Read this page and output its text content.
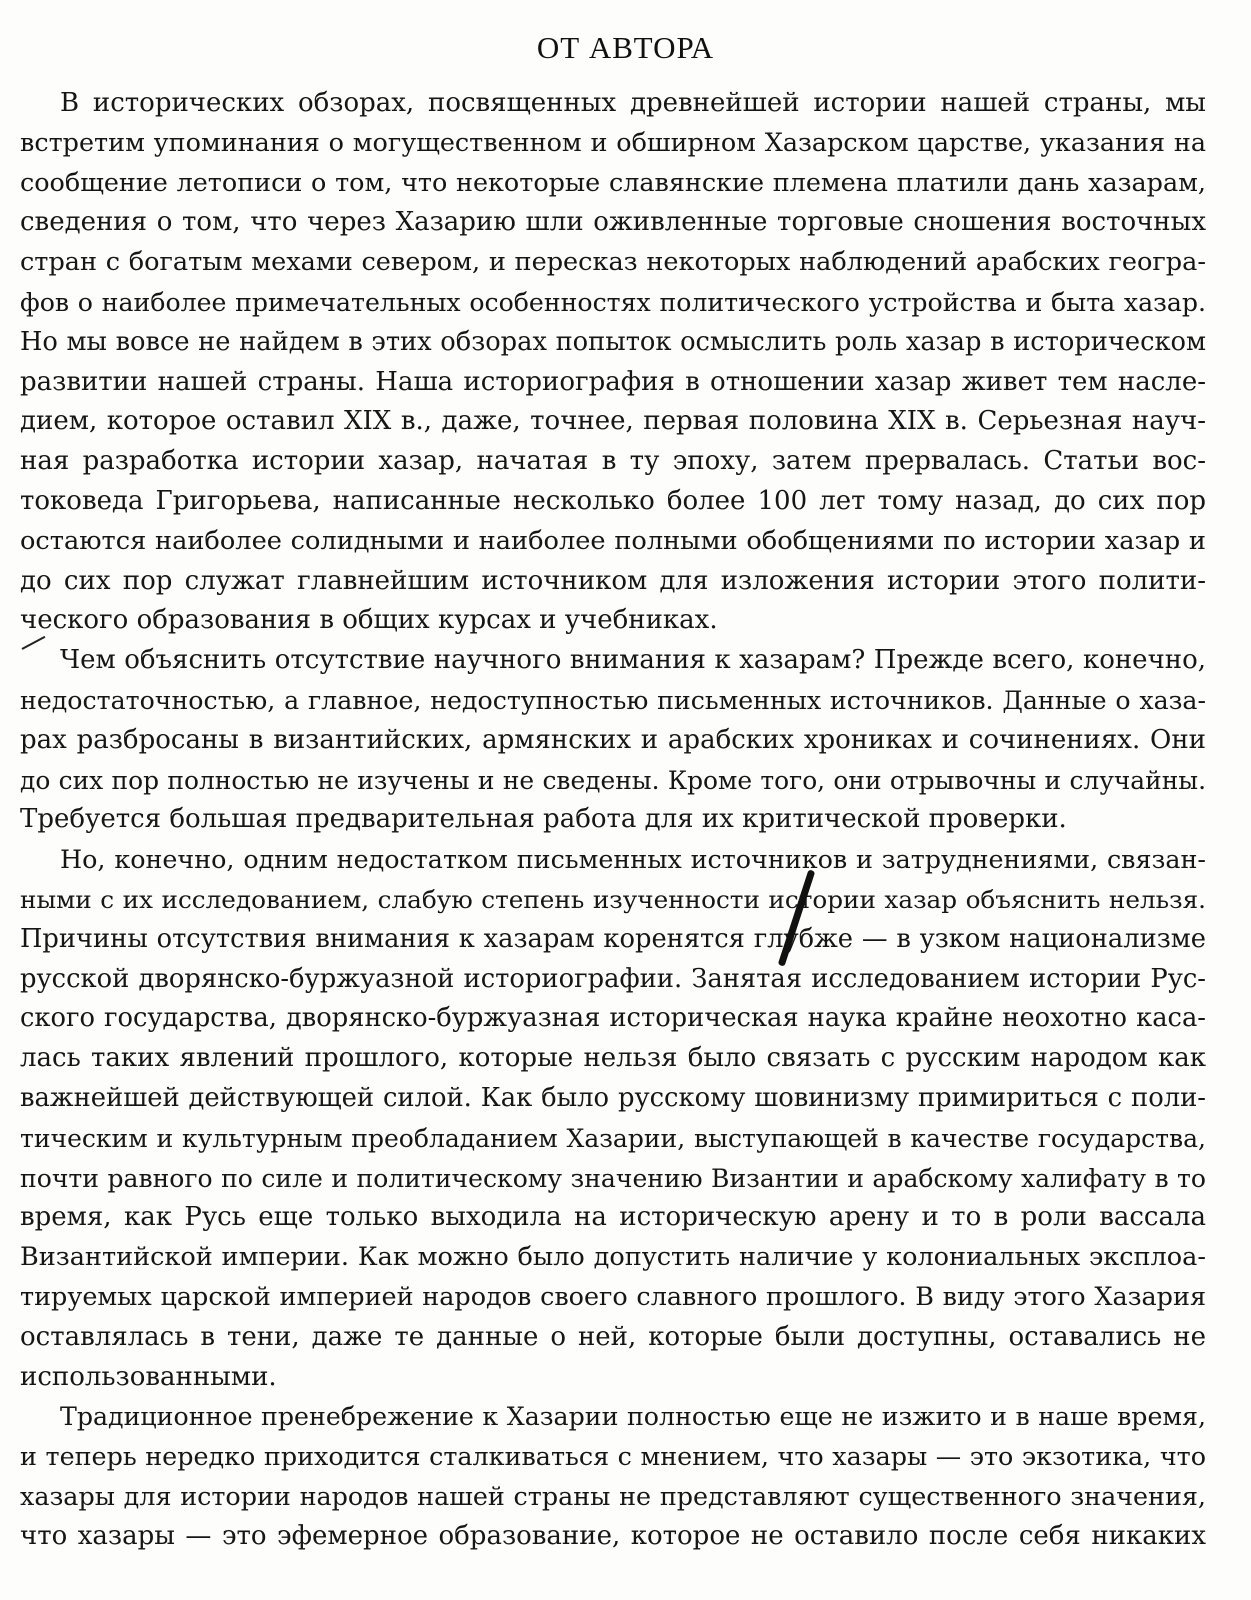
ОТ АВТОРА
В исторических обзорах, посвященных древнейшей истории нашей страны, мы
встретим упоминания о могущественном и обширном Хазарском царстве, указания на
сообщение летописи о том, что некоторые славянские племена платили дань хазарам,
сведения о том, что через Хазарию шли оживленные торговые сношения восточных
стран с богатым мехами севером, и пересказ некоторых наблюдений арабских геогра-
фов о наиболее примечательных особенностях политического устройства и быта хазар.
Но мы вовсе не найдем в этих обзорах попыток осмыслить роль хазар в историческом
развитии нашей страны. Наша историография в отношении хазар живет тем насле-
дием, которое оставил XIX в., даже, точнее, первая половина XIX в. Серьезная науч-
ная разработка истории хазар, начатая в ту эпоху, затем прервалась. Статьи вос-
токоведа Григорьева, написанные несколько более 100 лет тому назад, до сих пор
остаются наиболее солидными и наиболее полными обобщениями по истории хазар и
до сих пор служат главнейшим источником для изложения истории этого полити-
ческого образования в общих курсах и учебниках.
Чем объяснить отсутствие научного внимания к хазарам? Прежде всего, конечно,
недостаточностью, а главное, недоступностью письменных источников. Данные о хаза-
рах разбросаны в византийских, армянских и арабских хрониках и сочинениях. Они
до сих пор полностью не изучены и не сведены. Кроме того, они отрывочны и случайны.
Требуется большая предварительная работа для их критической проверки.
Но, конечно, одним недостатком письменных источников и затруднениями, связан-
ными с их исследованием, слабую степень изученности истории хазар объяснить нельзя.
Причины отсутствия внимания к хазарам коренятся глубже — в узком национализме
русской дворянско-буржуазной историографии. Занятая исследованием истории Рус-
ского государства, дворянско-буржуазная историческая наука крайне неохотно каса-
лась таких явлений прошлого, которые нельзя было связать с русским народом как
важнейшей действующей силой. Как было русскому шовинизму примириться с поли-
тическим и культурным преобладанием Хазарии, выступающей в качестве государства,
почти равного по силе и политическому значению Византии и арабскому халифату в то
время, как Русь еще только выходила на историческую арену и то в роли вассала
Византийской империи. Как можно было допустить наличие у колониальных эксплоа-
тируемых царской империей народов своего славного прошлого. В виду этого Хазария
оставлялась в тени, даже те данные о ней, которые были доступны, оставались не
использованными.
Традиционное пренебрежение к Хазарии полностью еще не изжито и в наше время,
и теперь нередко приходится сталкиваться с мнением, что хазары — это экзотика, что
хазары для истории народов нашей страны не представляют существенного значения,
что хазары — это эфемерное образование, которое не оставило после себя никаких
